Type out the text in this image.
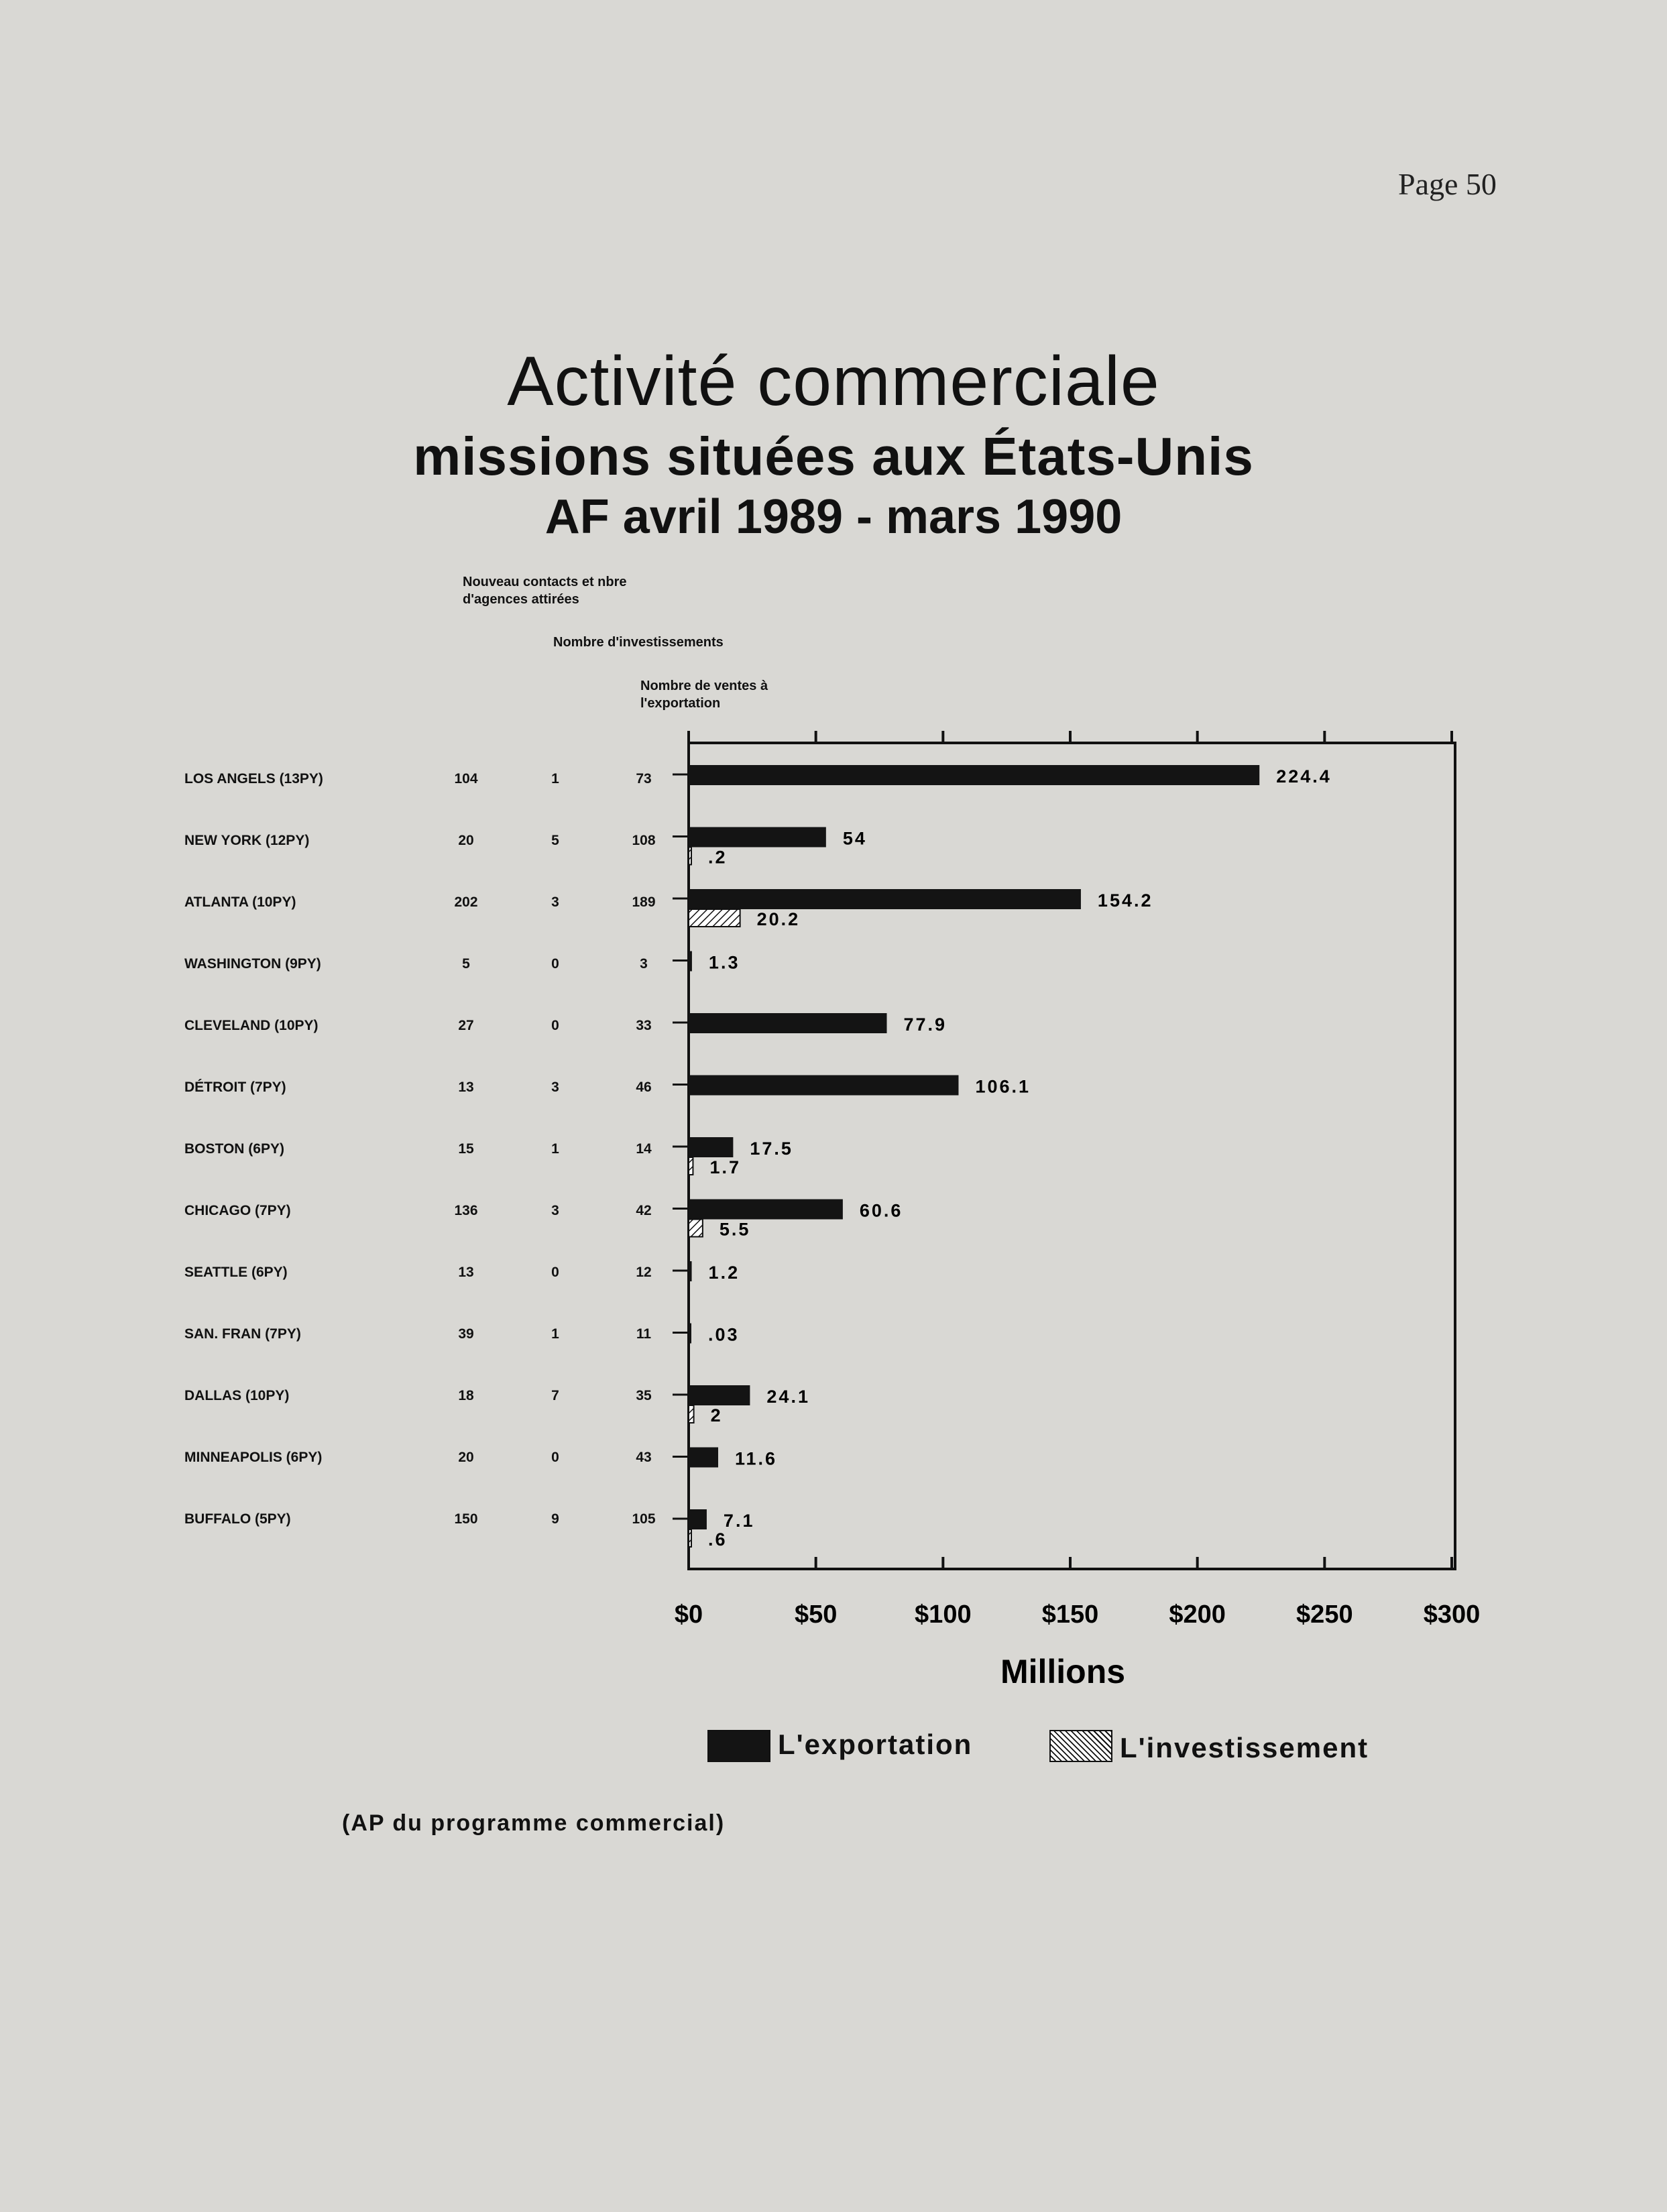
Page 50
Activité commerciale
missions situées aux États-Unis
AF avril 1989 - mars 1990
Nouveau contacts et nbre d'agences attirées
Nombre d'investissements
Nombre de ventes à l'exportation
LOS ANGELS (13PY)	104	1	73
NEW YORK (12PY)	20	5	108
ATLANTA (10PY)	202	3	189
WASHINGTON (9PY)	5	0	3
CLEVELAND (10PY)	27	0	33
DÉTROIT (7PY)	13	3	46
BOSTON (6PY)	15	1	14
CHICAGO (7PY)	136	3	42
SEATTLE (6PY)	13	0	12
SAN. FRAN (7PY)	39	1	11
DALLAS (10PY)	18	7	35
MINNEAPOLIS (6PY)	20	0	43
BUFFALO (5PY)	150	9	105
$0	$50	$100	$150	$200	$250	$300
224.4
54
.2
154.2
20.2
1.3
77.9
106.1
17.5
1.7
60.6
5.5
1.2
.03
24.1
2
11.6
7.1
.6
Millions
L'exportation	L'investissement
(AP du programme commercial)
